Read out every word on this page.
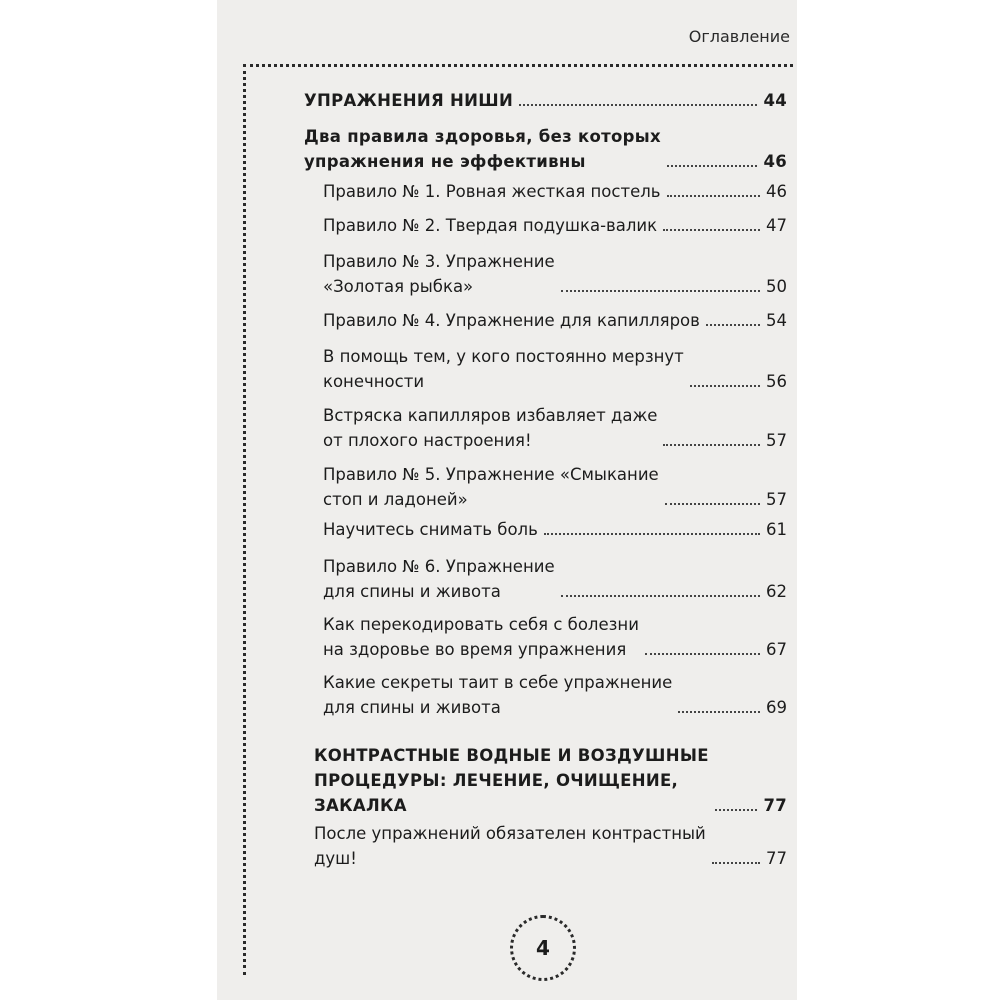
Оглавление
УПРАЖНЕНИЯ НИШИ	44
Два правила здоровья, без которых
упражнения не эффективны	46
Правило № 1. Ровная жесткая постель	46
Правило № 2. Твердая подушка-валик	47
Правило № 3. Упражнение
«Золотая рыбка»	50
Правило № 4. Упражнение для капилляров	54
В помощь тем, у кого постоянно мерзнут
конечности	56
Встряска капилляров избавляет даже
от плохого настроения!	57
Правило № 5. Упражнение «Смыкание
стоп и ладоней»	57
Научитесь снимать боль	61
Правило № 6. Упражнение
для спины и живота	62
Как перекодировать себя с болезни
на здоровье во время упражнения	67
Какие секреты таит в себе упражнение
для спины и живота	69
КОНТРАСТНЫЕ ВОДНЫЕ И ВОЗДУШНЫЕ
ПРОЦЕДУРЫ: ЛЕЧЕНИЕ, ОЧИЩЕНИЕ,
ЗАКАЛКА	77
После упражнений обязателен контрастный
душ!	77
4
